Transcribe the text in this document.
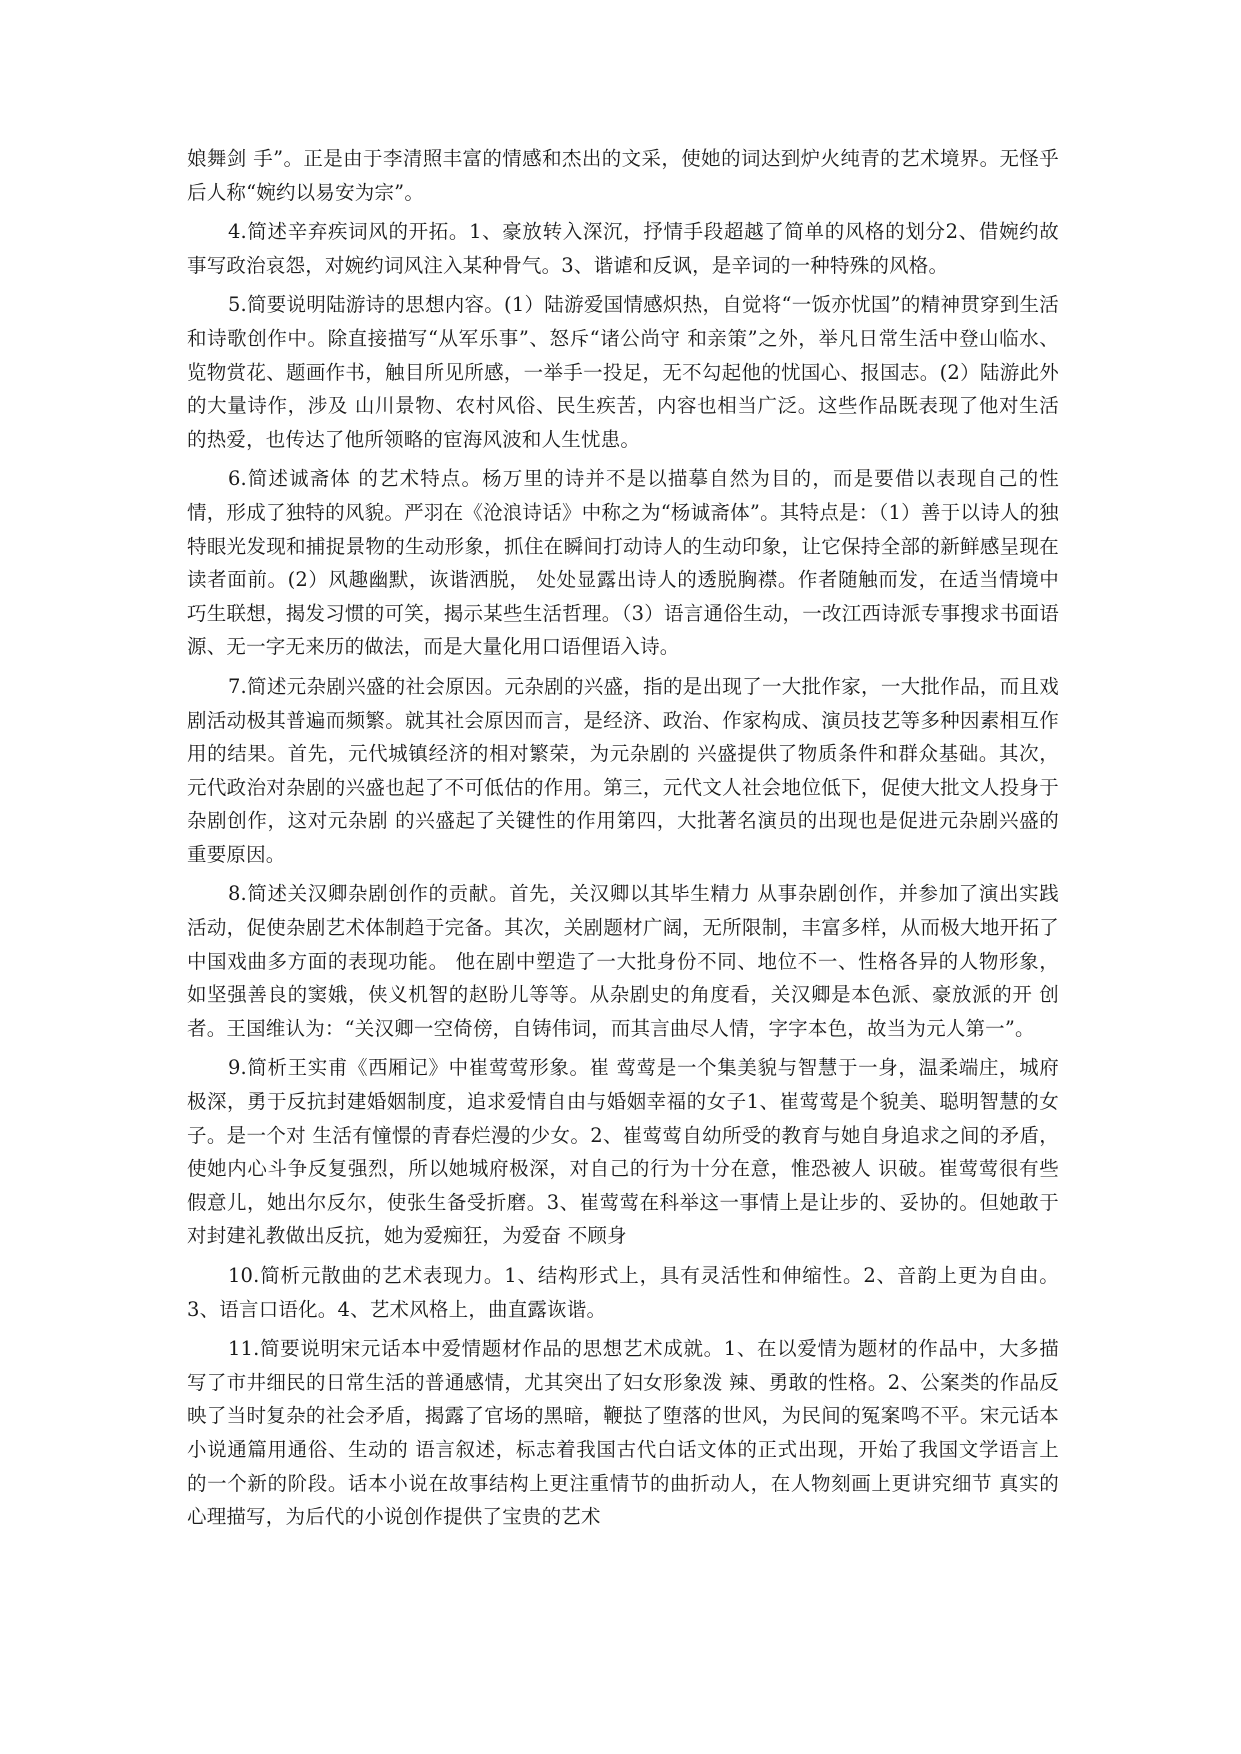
娘舞剑 手”。正是由于李清照丰富的情感和杰出的文采，使她的词达到炉火纯青的艺术境界。无怪乎后人称“婉约以易安为宗”。

4.简述辛弃疾词风的开拓。1、豪放转入深沉，抒情手段超越了简单的风格的划分2、借婉约故事写政治哀怨，对婉约词风注入某种骨气。3、谐谑和反讽，是辛词的一种特殊的风格。

5.简要说明陆游诗的思想内容。(1）陆游爱国情感炽热，自觉将“一饭亦忧国”的精神贯穿到生活和诗歌创作中。除直接描写“从军乐事”、怒斥“诸公尚守 和亲策”之外，举凡日常生活中登山临水、览物赏花、题画作书，触目所见所感，一举手一投足，无不勾起他的忧国心、报国志。(2）陆游此外的大量诗作，涉及 山川景物、农村风俗、民生疾苦，内容也相当广泛。这些作品既表现了他对生活的热爱，也传达了他所领略的宦海风波和人生忧患。

6.简述诚斋体 的艺术特点。杨万里的诗并不是以描摹自然为目的，而是要借以表现自己的性情，形成了独特的风貌。严羽在《沧浪诗话》中称之为“杨诚斋体”。其特点是：（1）善于以诗人的独特眼光发现和捕捉景物的生动形象，抓住在瞬间打动诗人的生动印象，让它保持全部的新鲜感呈现在读者面前。(2）风趣幽默，诙谐洒脱， 处处显露出诗人的透脱胸襟。作者随触而发，在适当情境中巧生联想，揭发习惯的可笑，揭示某些生活哲理。（3）语言通俗生动，一改江西诗派专事搜求书面语 源、无一字无来历的做法，而是大量化用口语俚语入诗。

7.简述元杂剧兴盛的社会原因。元杂剧的兴盛，指的是出现了一大批作家，一大批作品，而且戏剧活动极其普遍而频繁。就其社会原因而言，是经济、政治、作家构成、演员技艺等多种因素相互作用的结果。首先，元代城镇经济的相对繁荣，为元杂剧的 兴盛提供了物质条件和群众基础。其次，元代政治对杂剧的兴盛也起了不可低估的作用。第三，元代文人社会地位低下，促使大批文人投身于杂剧创作，这对元杂剧 的兴盛起了关键性的作用第四，大批著名演员的出现也是促进元杂剧兴盛的重要原因。

8.简述关汉卿杂剧创作的贡献。首先，关汉卿以其毕生精力 从事杂剧创作，并参加了演出实践活动，促使杂剧艺术体制趋于完备。其次，关剧题材广阔，无所限制，丰富多样，从而极大地开拓了中国戏曲多方面的表现功能。 他在剧中塑造了一大批身份不同、地位不一、性格各异的人物形象，如坚强善良的窦娥，侠义机智的赵盼儿等等。从杂剧史的角度看，关汉卿是本色派、豪放派的开 创者。王国维认为：“关汉卿一空倚傍，自铸伟词，而其言曲尽人情，字字本色，故当为元人第一”。

9.简析王实甫《西厢记》中崔莺莺形象。崔 莺莺是一个集美貌与智慧于一身，温柔端庄，城府极深，勇于反抗封建婚姻制度，追求爱情自由与婚姻幸福的女子1、崔莺莺是个貌美、聪明智慧的女子。是一个对 生活有憧憬的青春烂漫的少女。2、崔莺莺自幼所受的教育与她自身追求之间的矛盾，使她内心斗争反复强烈，所以她城府极深，对自己的行为十分在意，惟恐被人 识破。崔莺莺很有些假意儿，她出尔反尔，使张生备受折磨。3、崔莺莺在科举这一事情上是让步的、妥协的。但她敢于对封建礼教做出反抗，她为爱痴狂，为爱奋 不顾身

10.简析元散曲的艺术表现力。1、结构形式上，具有灵活性和伸缩性。2、音韵上更为自由。3、语言口语化。4、艺术风格上，曲直露诙谐。

11.简要说明宋元话本中爱情题材作品的思想艺术成就。1、在以爱情为题材的作品中，大多描写了市井细民的日常生活的普通感情，尤其突出了妇女形象泼 辣、勇敢的性格。2、公案类的作品反映了当时复杂的社会矛盾，揭露了官场的黑暗，鞭挞了堕落的世风，为民间的冤案鸣不平。宋元话本小说通篇用通俗、生动的 语言叙述，标志着我国古代白话文体的正式出现，开始了我国文学语言上的一个新的阶段。话本小说在故事结构上更注重情节的曲折动人，在人物刻画上更讲究细节 真实的心理描写，为后代的小说创作提供了宝贵的艺术
